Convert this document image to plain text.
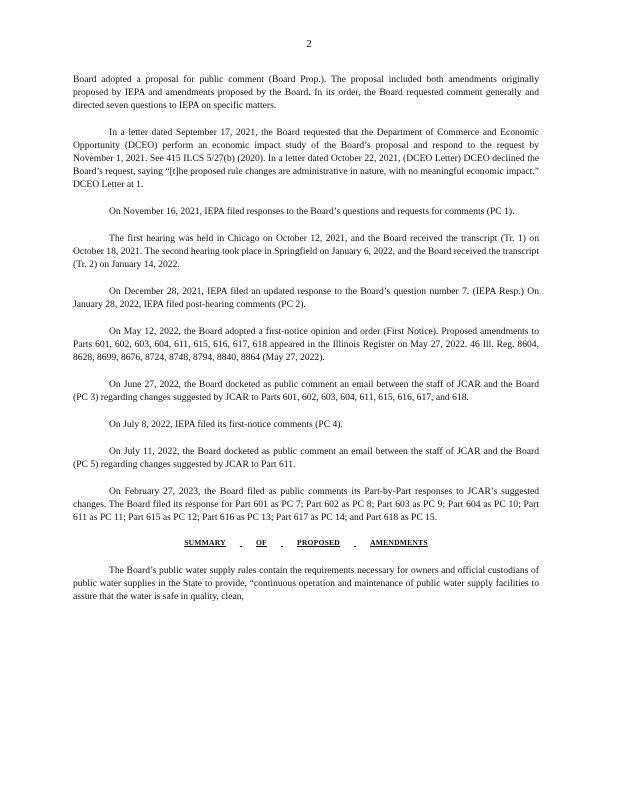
2

Board adopted a proposal for public comment (Board Prop.). The proposal included both amendments originally proposed by IEPA and amendments proposed by the Board. In its order, the Board requested comment generally and directed seven questions to IEPA on specific matters.

In a letter dated September 17, 2021, the Board requested that the Department of Commerce and Economic Opportunity (DCEO) perform an economic impact study of the Board’s proposal and respond to the request by November 1, 2021. See 415 ILCS 5/27(b) (2020). In a letter dated October 22, 2021, (DCEO Letter) DCEO declined the Board’s request, saying “[t]he proposed rule changes are administrative in nature, with no meaningful economic impact.” DCEO Letter at 1.

On November 16, 2021, IEPA filed responses to the Board’s questions and requests for comments (PC 1).

The first hearing was held in Chicago on October 12, 2021, and the Board received the transcript (Tr. 1) on October 18, 2021. The second hearing took place in Springfield on January 6, 2022, and the Board received the transcript (Tr. 2) on January 14, 2022.

On December 28, 2021, IEPA filed an updated response to the Board’s question number 7. (IEPA Resp.) On January 28, 2022, IEPA filed post-hearing comments (PC 2).

On May 12, 2022, the Board adopted a first-notice opinion and order (First Notice). Proposed amendments to Parts 601, 602, 603, 604, 611, 615, 616, 617, 618 appeared in the Illinois Register on May 27, 2022. 46 Ill. Reg. 8604, 8628, 8699, 8676, 8724, 8748, 8794, 8840, 8864 (May 27, 2022).

On June 27, 2022, the Board docketed as public comment an email between the staff of JCAR and the Board (PC 3) regarding changes suggested by JCAR to Parts 601, 602, 603, 604, 611, 615, 616, 617, and 618.

On July 8, 2022, IEPA filed its first-notice comments (PC 4).

On July 11, 2022, the Board docketed as public comment an email between the staff of JCAR and the Board (PC 5) regarding changes suggested by JCAR to Part 611.

On February 27, 2023, the Board filed as public comments its Part-by-Part responses to JCAR’s suggested changes. The Board filed its response for Part 601 as PC 7; Part 602 as PC 8; Part 603 as PC 9; Part 604 as PC 10; Part 611 as PC 11; Part 615 as PC 12; Part 616 as PC 13; Part 617 as PC 14; and Part 618 as PC 15.

SUMMARY	OF	PROPOSED	AMENDMENTS

The Board’s public water supply rules contain the requirements necessary for owners and official custodians of public water supplies in the State to provide, “continuous operation and maintenance of public water supply facilities to assure that the water is safe in quality, clean,
